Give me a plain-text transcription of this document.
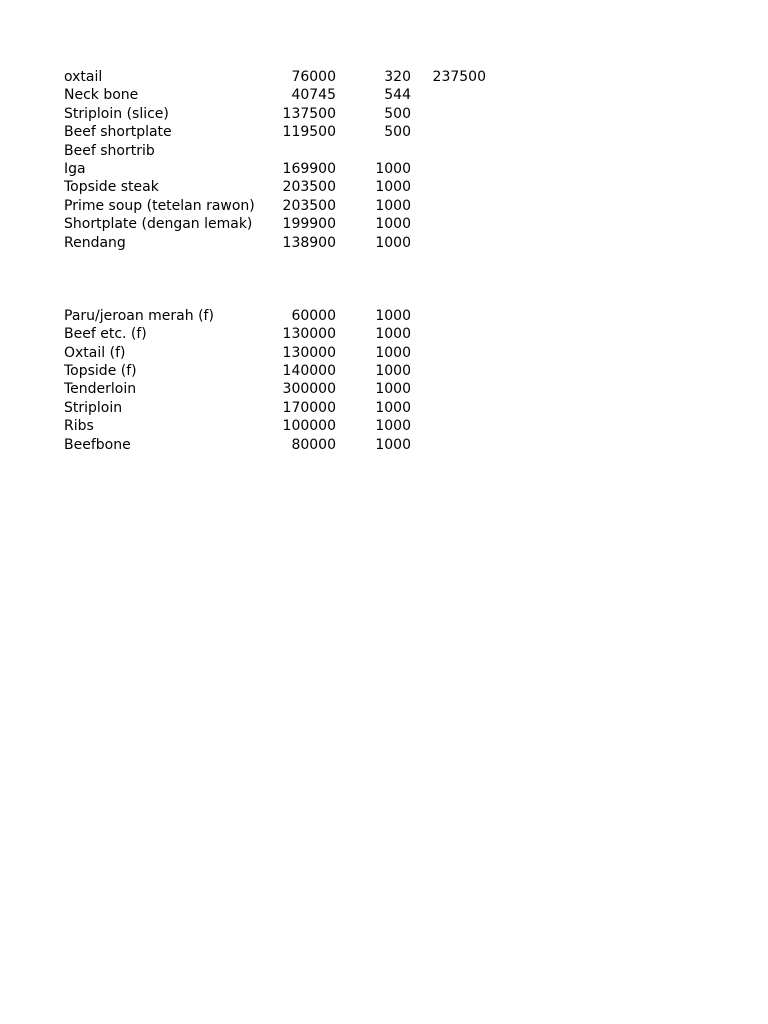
oxtail	76000	320	237500
Neck bone	40745	544
Striploin (slice)	137500	500
Beef shortplate	119500	500
Beef shortrib
Iga	169900	1000
Topside steak	203500	1000
Prime soup (tetelan rawon)	203500	1000
Shortplate (dengan lemak)	199900	1000
Rendang	138900	1000
Paru/jeroan merah (f)	60000	1000
Beef etc. (f)	130000	1000
Oxtail (f)	130000	1000
Topside (f)	140000	1000
Tenderloin	300000	1000
Striploin	170000	1000
Ribs	100000	1000
Beefbone	80000	1000
